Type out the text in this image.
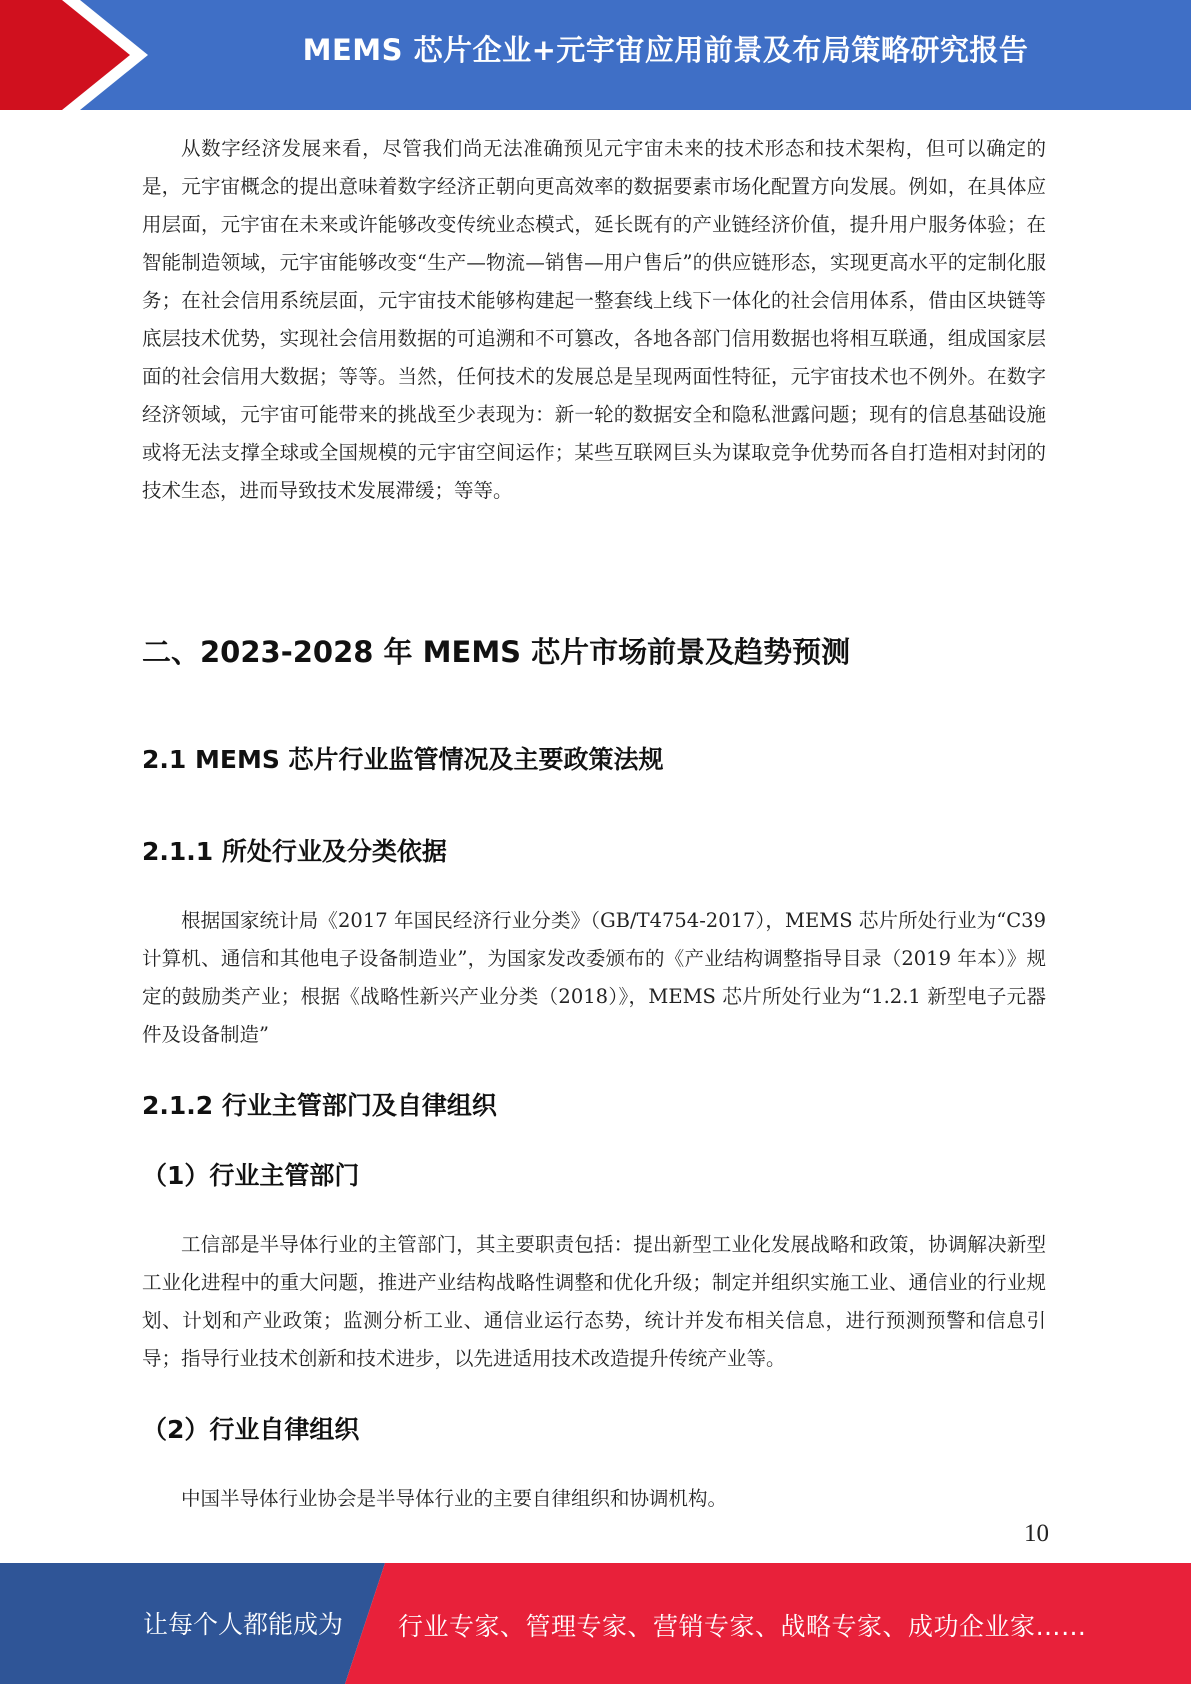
MEMS 芯片企业+元宇宙应用前景及布局策略研究报告

从数字经济发展来看，尽管我们尚无法准确预见元宇宙未来的技术形态和技术架构，但可以确定的是，元宇宙概念的提出意味着数字经济正朝向更高效率的数据要素市场化配置方向发展。例如，在具体应用层面，元宇宙在未来或许能够改变传统业态模式，延长既有的产业链经济价值，提升用户服务体验；在智能制造领域，元宇宙能够改变“生产—物流—销售—用户售后”的供应链形态，实现更高水平的定制化服务；在社会信用系统层面，元宇宙技术能够构建起一整套线上线下一体化的社会信用体系，借由区块链等底层技术优势，实现社会信用数据的可追溯和不可篡改，各地各部门信用数据也将相互联通，组成国家层面的社会信用大数据；等等。当然，任何技术的发展总是呈现两面性特征，元宇宙技术也不例外。在数字经济领域，元宇宙可能带来的挑战至少表现为：新一轮的数据安全和隐私泄露问题；现有的信息基础设施或将无法支撑全球或全国规模的元宇宙空间运作；某些互联网巨头为谋取竞争优势而各自打造相对封闭的技术生态，进而导致技术发展滞缓；等等。

二、2023-2028 年 MEMS 芯片市场前景及趋势预测
2.1 MEMS 芯片行业监管情况及主要政策法规
2.1.1 所处行业及分类依据

根据国家统计局《2017 年国民经济行业分类》（GB/T4754-2017），MEMS 芯片所处行业为“C39 计算机、通信和其他电子设备制造业”，为国家发改委颁布的《产业结构调整指导目录（2019 年本）》规定的鼓励类产业；根据《战略性新兴产业分类（2018）》，MEMS 芯片所处行业为“1.2.1 新型电子元器件及设备制造”

2.1.2 行业主管部门及自律组织
（1）行业主管部门

工信部是半导体行业的主管部门，其主要职责包括：提出新型工业化发展战略和政策，协调解决新型工业化进程中的重大问题，推进产业结构战略性调整和优化升级；制定并组织实施工业、通信业的行业规划、计划和产业政策；监测分析工业、通信业运行态势，统计并发布相关信息，进行预测预警和信息引导；指导行业技术创新和技术进步，以先进适用技术改造提升传统产业等。

（2）行业自律组织

中国半导体行业协会是半导体行业的主要自律组织和协调机构。

10
让每个人都能成为 行业专家、管理专家、营销专家、战略专家、成功企业家……
